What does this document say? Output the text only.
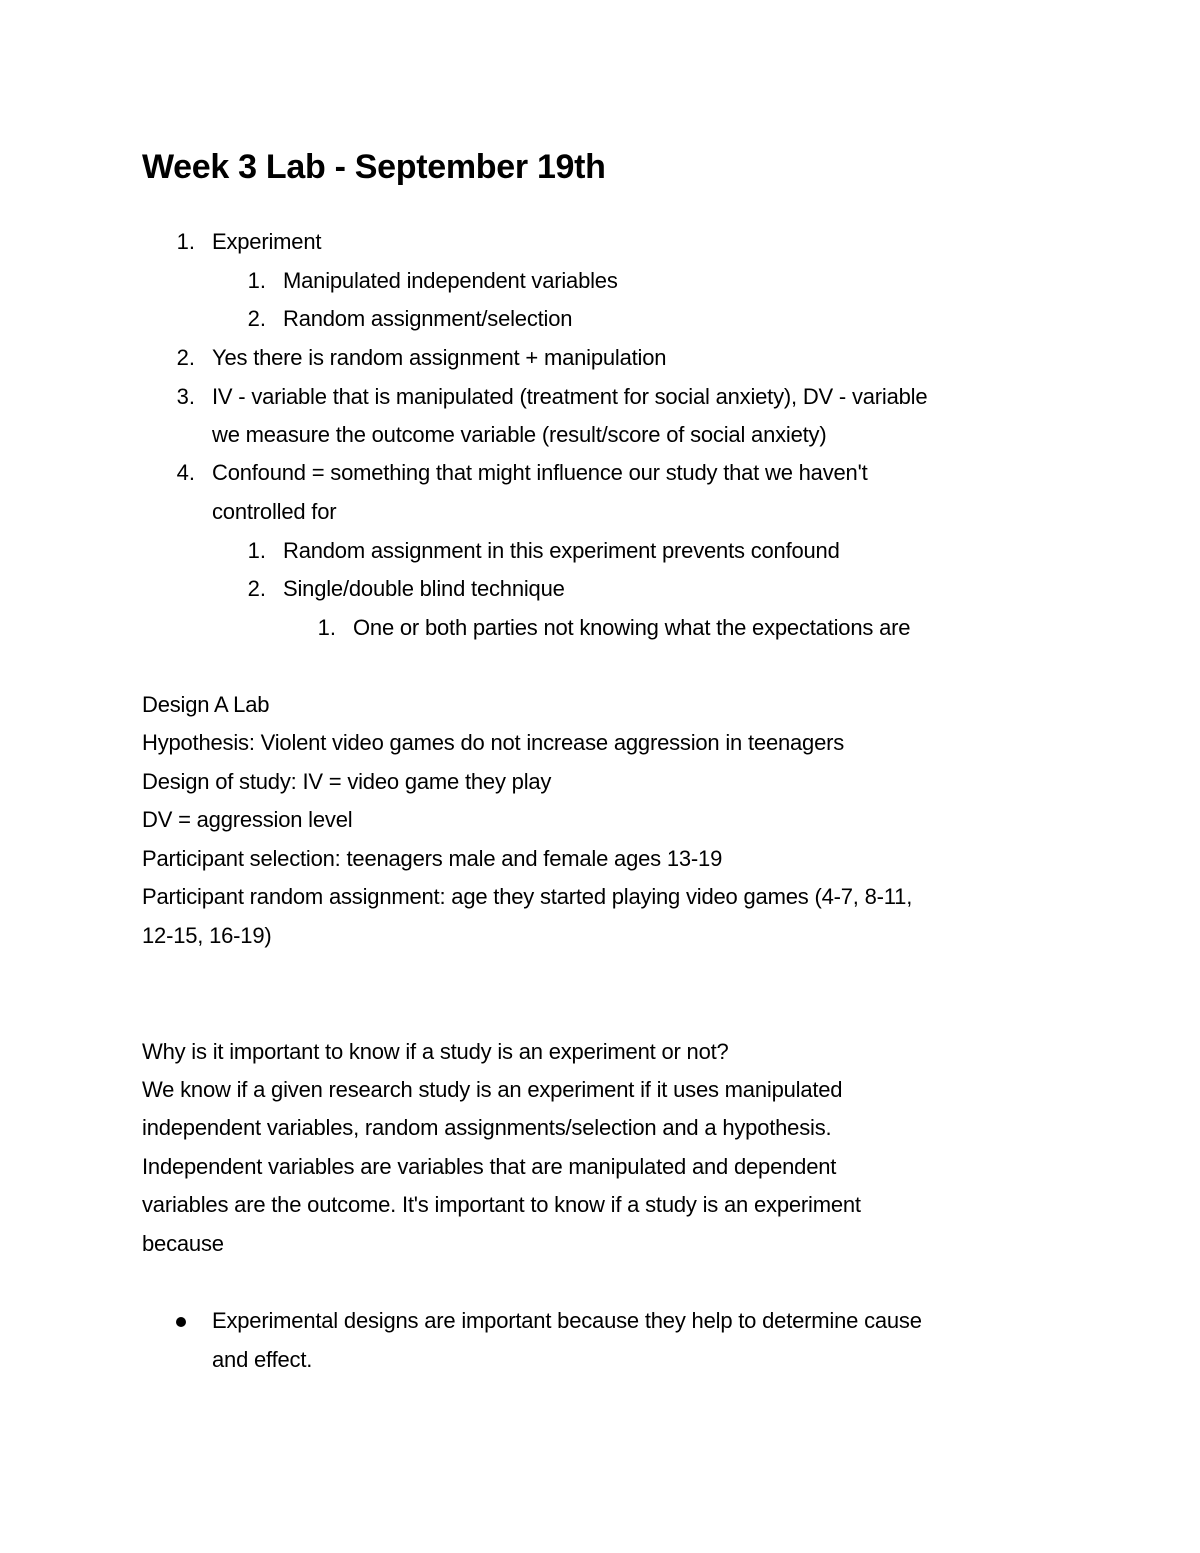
Week 3 Lab - September 19th
1. Experiment
1. Manipulated independent variables
2. Random assignment/selection
2. Yes there is random assignment + manipulation
3. IV - variable that is manipulated (treatment for social anxiety), DV - variable
we measure the outcome variable (result/score of social anxiety)
4. Confound = something that might influence our study that we haven't
controlled for
1. Random assignment in this experiment prevents confound
2. Single/double blind technique
1. One or both parties not knowing what the expectations are
Design A Lab
Hypothesis: Violent video games do not increase aggression in teenagers
Design of study: IV = video game they play
DV = aggression level
Participant selection: teenagers male and female ages 13-19
Participant random assignment: age they started playing video games (4-7, 8-11,
12-15, 16-19)
Why is it important to know if a study is an experiment or not?
We know if a given research study is an experiment if it uses manipulated
independent variables, random assignments/selection and a hypothesis.
Independent variables are variables that are manipulated and dependent
variables are the outcome. It's important to know if a study is an experiment
because
Experimental designs are important because they help to determine cause
and effect.
